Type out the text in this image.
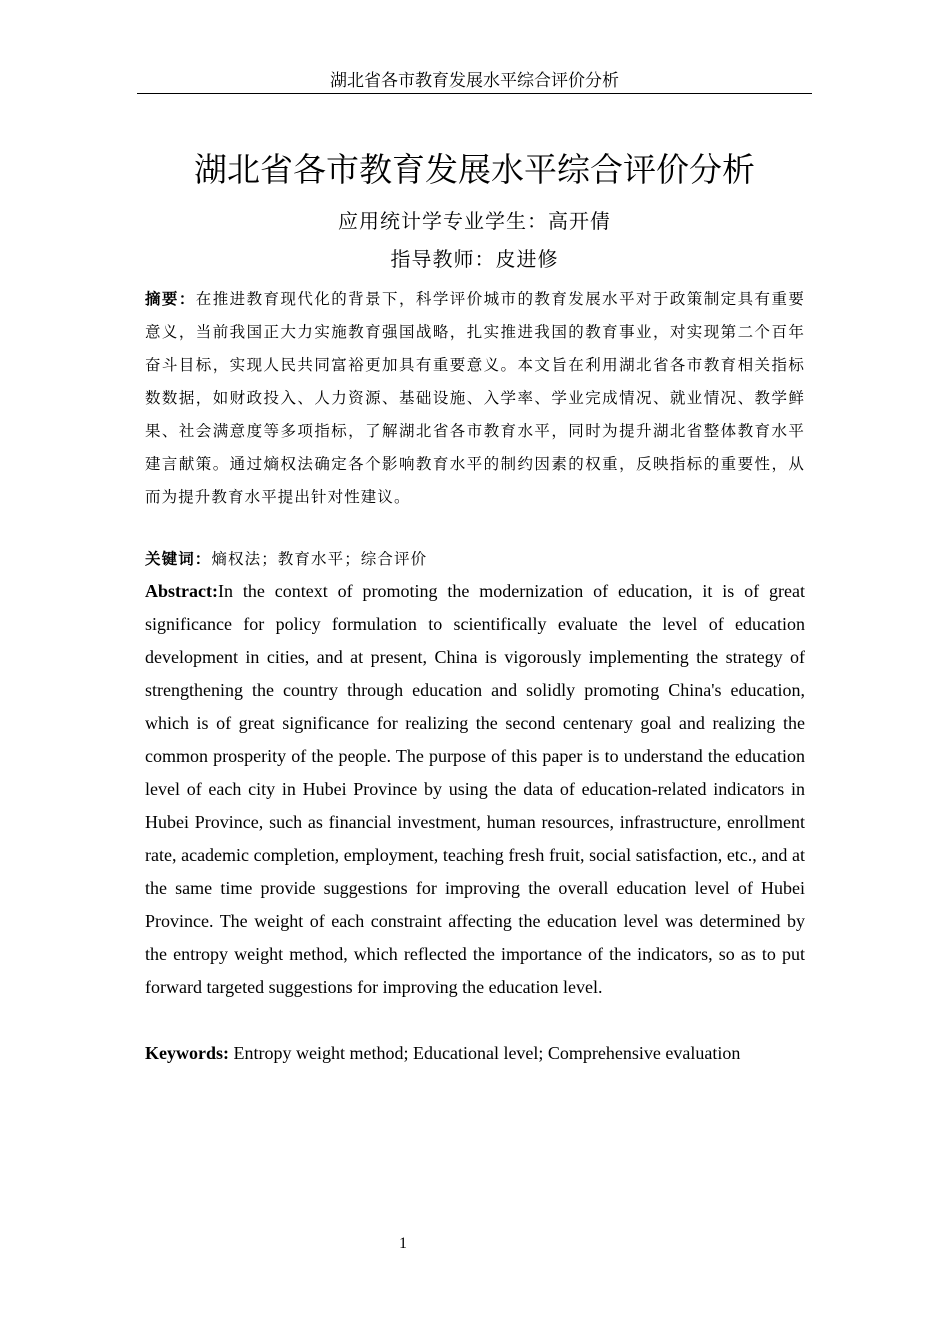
湖北省各市教育发展水平综合评价分析
湖北省各市教育发展水平综合评价分析
应用统计学专业学生：高开倩
指导教师：皮进修

摘要：在推进教育现代化的背景下，科学评价城市的教育发展水平对于政策制定具有重要意义，当前我国正大力实施教育强国战略，扎实推进我国的教育事业，对实现第二个百年奋斗目标，实现人民共同富裕更加具有重要意义。本文旨在利用湖北省各市教育相关指标数数据，如财政投入、人力资源、基础设施、入学率、学业完成情况、就业情况、教学鲜果、社会满意度等多项指标，了解湖北省各市教育水平，同时为提升湖北省整体教育水平建言献策。通过熵权法确定各个影响教育水平的制约因素的权重，反映指标的重要性，从而为提升教育水平提出针对性建议。

关键词：熵权法；教育水平；综合评价

Abstract:In the context of promoting the modernization of education, it is of great significance for policy formulation to scientifically evaluate the level of education development in cities, and at present, China is vigorously implementing the strategy of strengthening the country through education and solidly promoting China's education, which is of great significance for realizing the second centenary goal and realizing the common prosperity of the people. The purpose of this paper is to understand the education level of each city in Hubei Province by using the data of education-related indicators in Hubei Province, such as financial investment, human resources, infrastructure, enrollment rate, academic completion, employment, teaching fresh fruit, social satisfaction, etc., and at the same time provide suggestions for improving the overall education level of Hubei Province. The weight of each constraint affecting the education level was determined by the entropy weight method, which reflected the importance of the indicators, so as to put forward targeted suggestions for improving the education level.

Keywords: Entropy weight method; Educational level; Comprehensive evaluation

1
